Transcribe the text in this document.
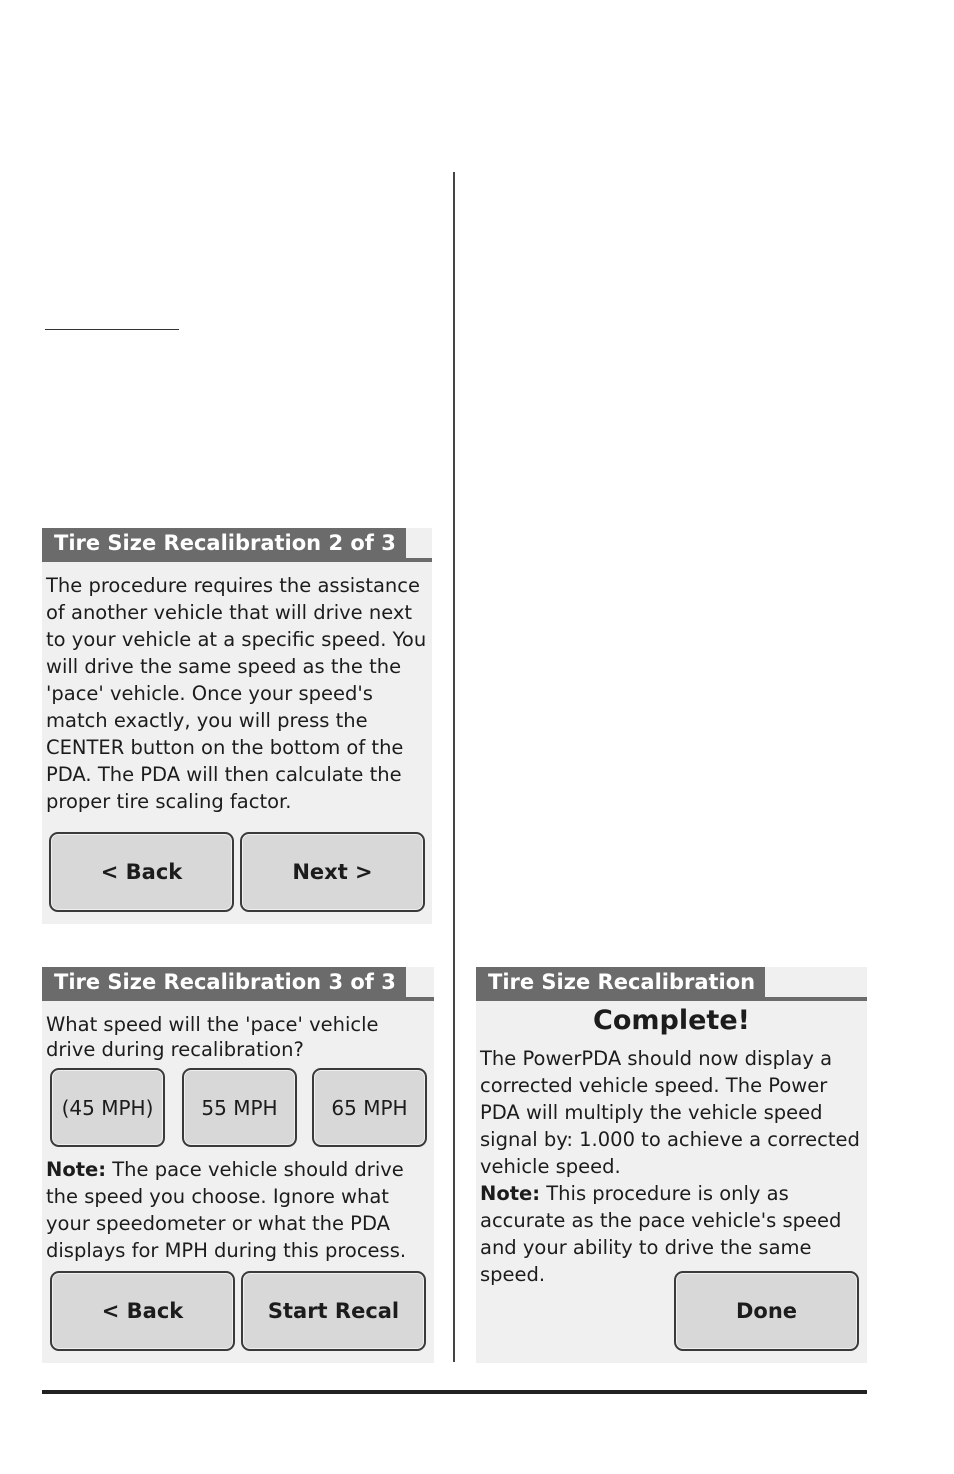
Tire Size Recalibration 2 of 3
The procedure requires the assistance of another vehicle that will drive next to your vehicle at a specific speed. You will drive the same speed as the the 'pace' vehicle. Once your speed's match exactly, you will press the CENTER button on the bottom of the PDA. The PDA will then calculate the proper tire scaling factor.
< Back	Next >
Tire Size Recalibration 3 of 3
What speed will the 'pace' vehicle drive during recalibration?
(45 MPH)	55 MPH	65 MPH
Note: The pace vehicle should drive the speed you choose. Ignore what your speedometer or what the PDA displays for MPH during this process.
< Back	Start Recal
Tire Size Recalibration
Complete!
The PowerPDA should now display a corrected vehicle speed. The Power PDA will multiply the vehicle speed signal by: 1.000 to achieve a corrected vehicle speed.
Note: This procedure is only as accurate as the pace vehicle's speed and your ability to drive the same speed.
Done
